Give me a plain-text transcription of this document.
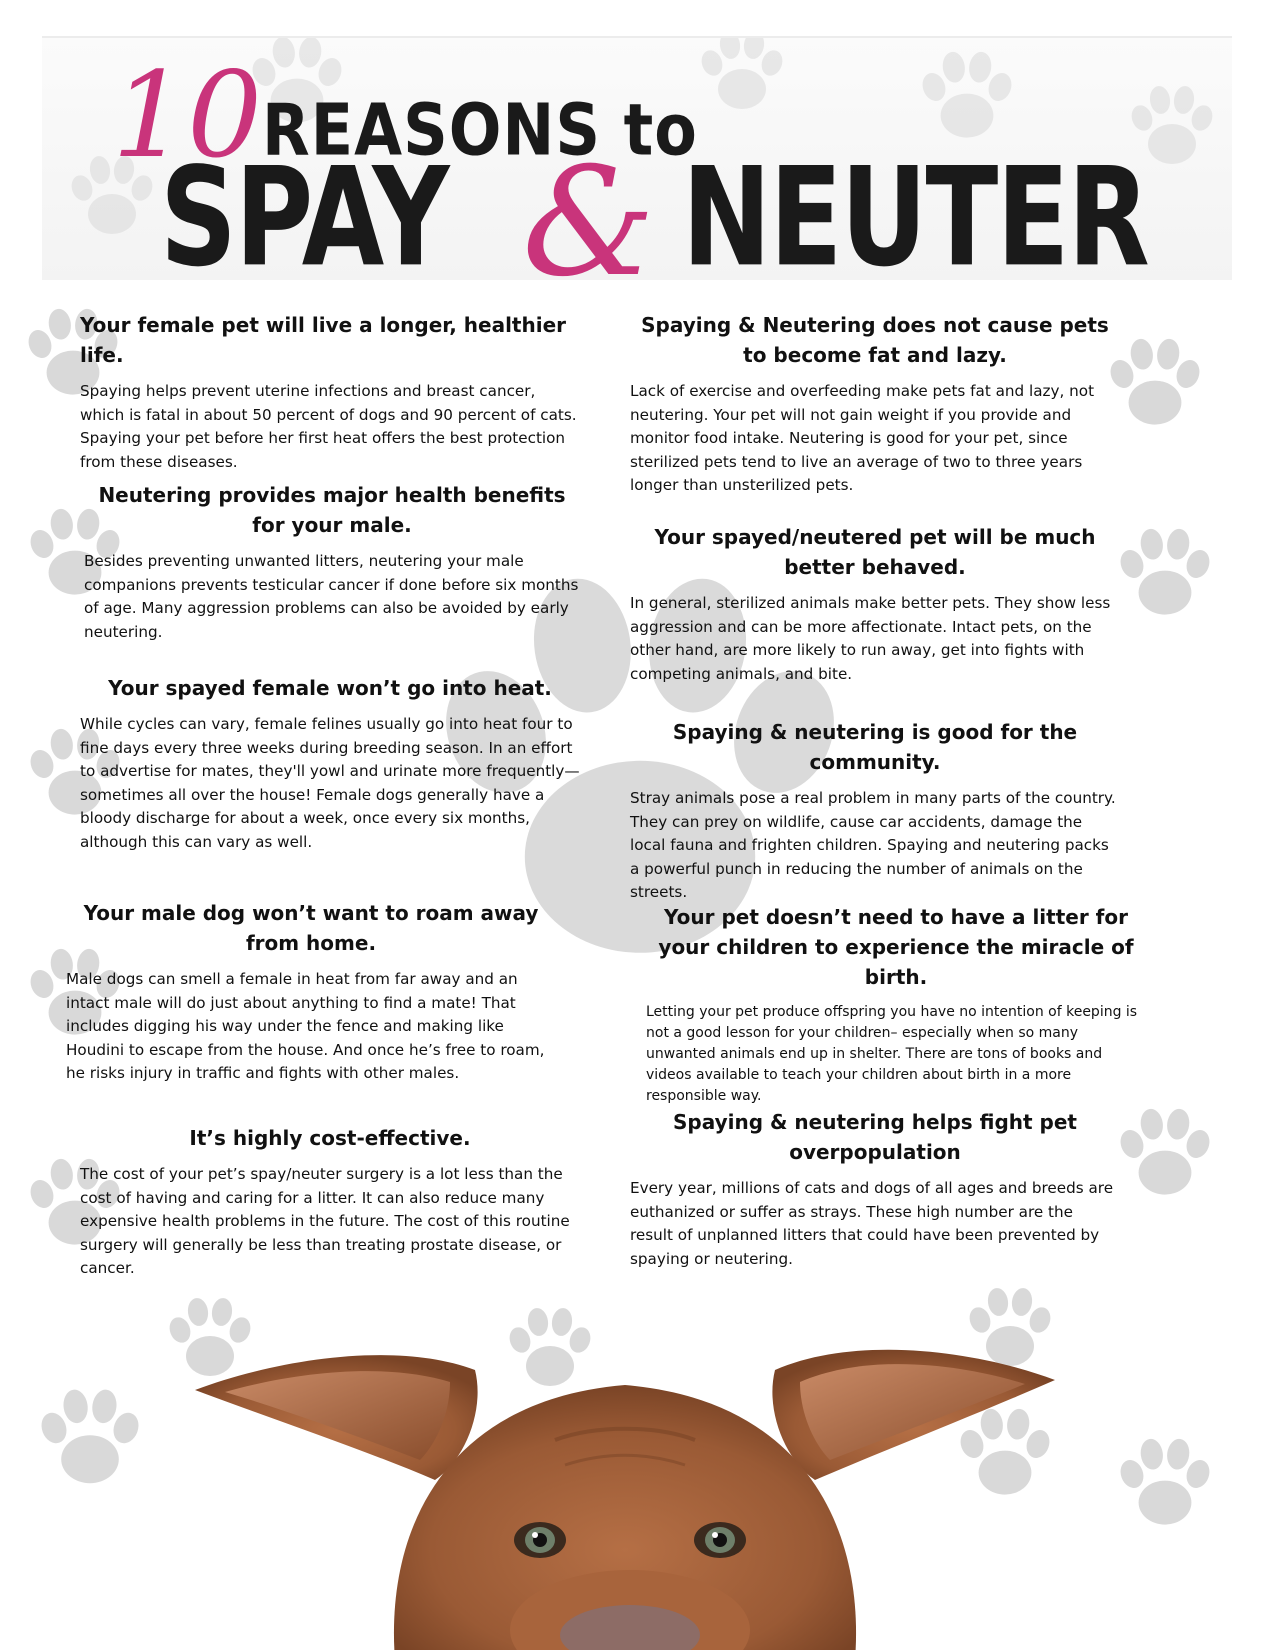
10 REASONS to
SPAY & NEUTER
Your female pet will live a longer, healthier life.

Spaying helps prevent uterine infections and breast cancer, which is fatal in about 50 percent of dogs and 90 percent of cats. Spaying your pet before her first heat offers the best protection from these diseases.

Neutering provides major health benefits for your male.

Besides preventing unwanted litters, neutering your male companions prevents testicular cancer if done before six months of age. Many aggression problems can also be avoided by early neutering.

Your spayed female won’t go into heat.

While cycles can vary, female felines usually go into heat four to fine days every three weeks during breeding season. In an effort to advertise for mates, they'll yowl and urinate more frequently—sometimes all over the house! Female dogs generally have a bloody discharge for about a week, once every six months, although this can vary as well.

Your male dog won’t want to roam away from home.

Male dogs can smell a female in heat from far away and an intact male will do just about anything to find a mate! That includes digging his way under the fence and making like Houdini to escape from the house. And once he’s free to roam, he risks injury in traffic and fights with other males.

It’s highly cost-effective.

The cost of your pet’s spay/neuter surgery is a lot less than the cost of having and caring for a litter. It can also reduce many expensive health problems in the future. The cost of this routine surgery will generally be less than treating prostate disease, or cancer.

Spaying & Neutering does not cause pets to become fat and lazy.

Lack of exercise and overfeeding make pets fat and lazy, not neutering. Your pet will not gain weight if you provide and monitor food intake. Neutering is good for your pet, since sterilized pets tend to live an average of two to three years longer than unsterilized pets.

Your spayed/neutered pet will be much better behaved.

In general, sterilized animals make better pets. They show less aggression and can be more affectionate. Intact pets, on the other hand, are more likely to run away, get into fights with competing animals, and bite.

Spaying & neutering is good for the community.

Stray animals pose a real problem in many parts of the country. They can prey on wildlife, cause car accidents, damage the local fauna and frighten children. Spaying and neutering packs a powerful punch in reducing the number of animals on the streets.

Your pet doesn’t need to have a litter for your children to experience the miracle of birth.

Letting your pet produce offspring you have no intention of keeping is not a good lesson for your children– especially when so many unwanted animals end up in shelter. There are tons of books and videos available to teach your children about birth in a more responsible way.

Spaying & neutering helps fight pet overpopulation

Every year, millions of cats and dogs of all ages and breeds are euthanized or suffer as strays. These high number are the result of unplanned litters that could have been prevented by spaying or neutering.
